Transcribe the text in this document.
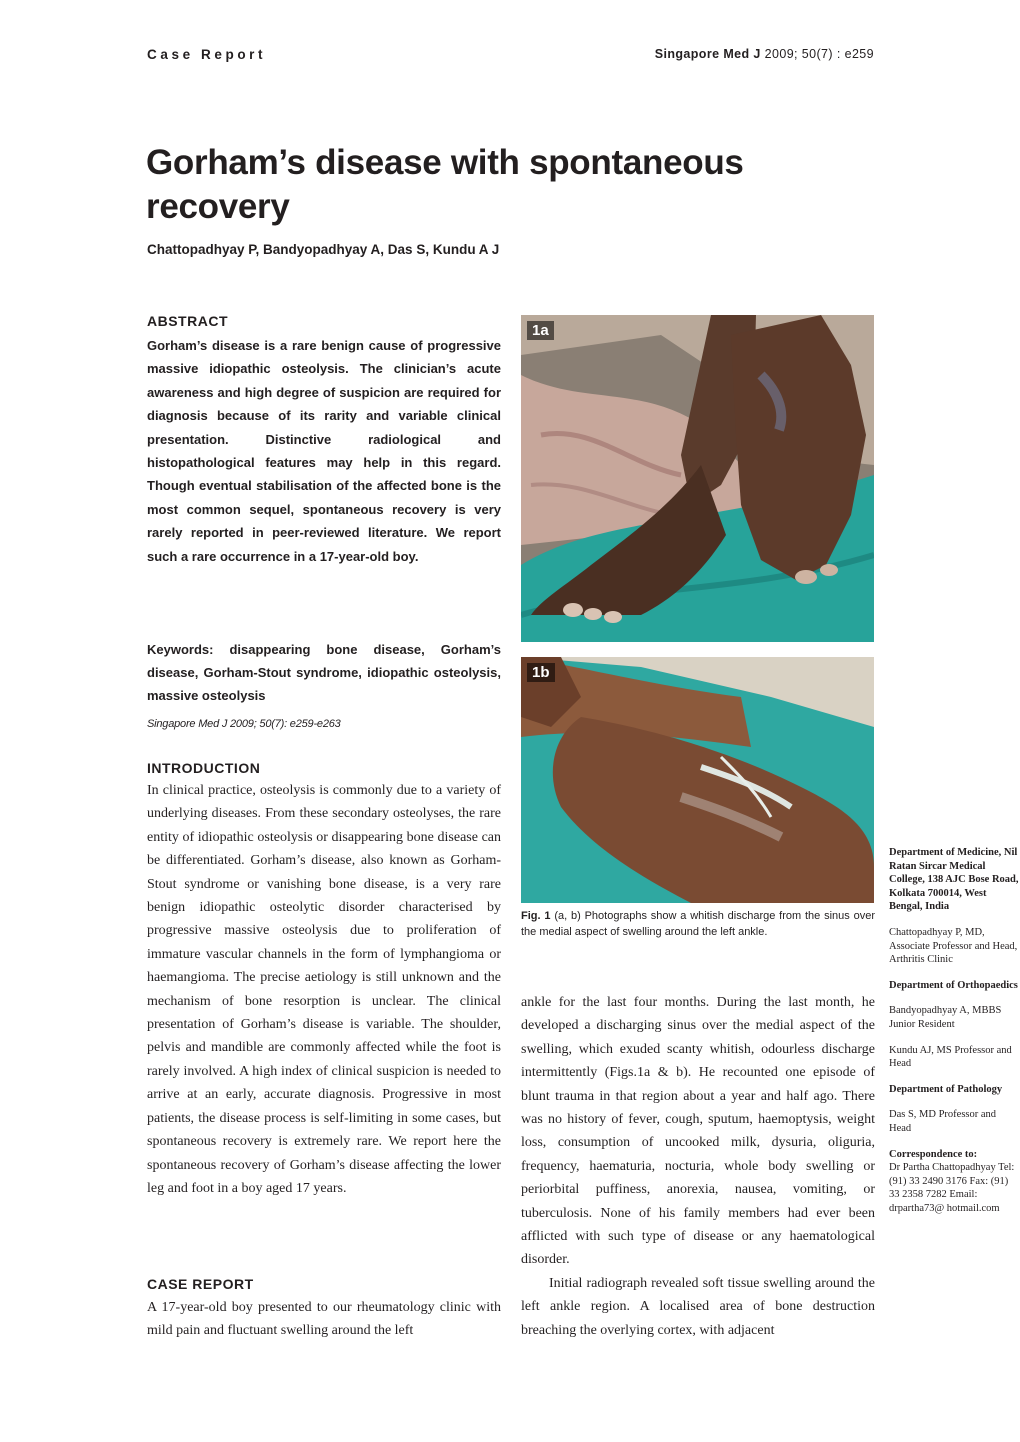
Case Report	Singapore Med J 2009; 50(7) : e259
Gorham’s disease with spontaneous recovery
Chattopadhyay P, Bandyopadhyay A, Das S, Kundu A J
ABSTRACT

Gorham’s disease is a rare benign cause of progressive massive idiopathic osteolysis. The clinician’s acute awareness and high degree of suspicion are required for diagnosis because of its rarity and variable clinical presentation. Distinctive radiological and histopathological features may help in this regard. Though eventual stabilisation of the affected bone is the most common sequel, spontaneous recovery is very rarely reported in peer-reviewed literature. We report such a rare occurrence in a 17-year-old boy.

Keywords: disappearing bone disease, Gorham’s disease, Gorham-Stout syndrome, idiopathic osteolysis, massive osteolysis

Singapore Med J 2009; 50(7): e259-e263
INTRODUCTION

In clinical practice, osteolysis is commonly due to a variety of underlying diseases. From these secondary osteolyses, the rare entity of idiopathic osteolysis or disappearing bone disease can be differentiated. Gorham’s disease, also known as Gorham-Stout syndrome or vanishing bone disease, is a very rare benign idiopathic osteolytic disorder characterised by progressive massive osteolysis due to proliferation of immature vascular channels in the form of lymphangioma or haemangioma. The precise aetiology is still unknown and the mechanism of bone resorption is unclear. The clinical presentation of Gorham’s disease is variable. The shoulder, pelvis and mandible are commonly affected while the foot is rarely involved. A high index of clinical suspicion is needed to arrive at an early, accurate diagnosis. Progressive in most patients, the disease process is self-limiting in some cases, but spontaneous recovery is extremely rare. We report here the spontaneous recovery of Gorham’s disease affecting the lower leg and foot in a boy aged 17 years.

CASE REPORT

A 17-year-old boy presented to our rheumatology clinic with mild pain and fluctuant swelling around the left

1a
1b

Fig. 1 (a, b) Photographs show a whitish discharge from the sinus over the medial aspect of swelling around the left ankle.

ankle for the last four months. During the last month, he developed a discharging sinus over the medial aspect of the swelling, which exuded scanty whitish, odourless discharge intermittently (Figs.1a & b). He recounted one episode of blunt trauma in that region about a year and half ago. There was no history of fever, cough, sputum, haemoptysis, weight loss, consumption of uncooked milk, dysuria, oliguria, frequency, haematuria, nocturia, whole body swelling or periorbital puffiness, anorexia, nausea, vomiting, or tuberculosis. None of his family members had ever been afflicted with such type of disease or any haematological disorder.

Initial radiograph revealed soft tissue swelling around the left ankle region. A localised area of bone destruction breaching the overlying cortex, with adjacent

Department of Medicine, Nil Ratan Sircar Medical College, 138 AJC Bose Road, Kolkata 700014, West Bengal, India
Chattopadhyay P, MD, Associate Professor and Head, Arthritis Clinic
Department of Orthopaedics
Bandyopadhyay A, MBBS Junior Resident
Kundu AJ, MS Professor and Head
Department of Pathology
Das S, MD Professor and Head
Correspondence to:
Dr Partha Chattopadhyay Tel: (91) 33 2490 3176 Fax: (91) 33 2358 7282 Email: drpartha73@ hotmail.com
